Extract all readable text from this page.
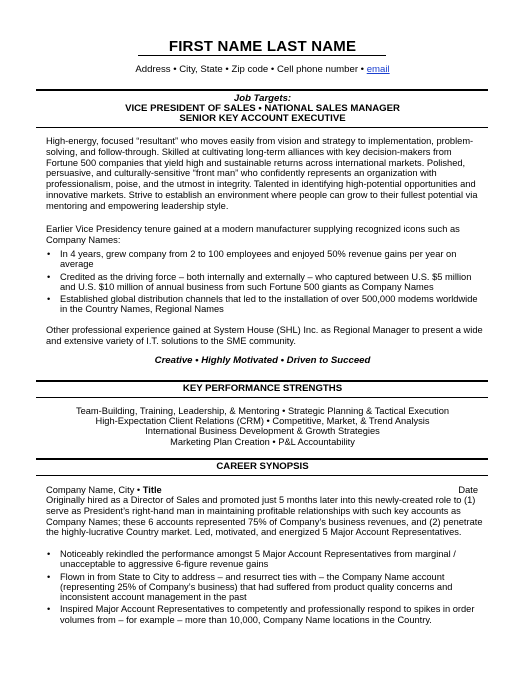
FIRST NAME LAST NAME
Address • City, State • Zip code • Cell phone number • email
Job Targets:
VICE PRESIDENT OF SALES • NATIONAL SALES MANAGER
SENIOR KEY ACCOUNT EXECUTIVE
High-energy, focused “resultant” who moves easily from vision and strategy to implementation, problem-solving, and follow-through. Skilled at cultivating long-term alliances with key decision-makers from Fortune 500 companies that yield high and sustainable returns across international markets. Polished, persuasive, and culturally-sensitive “front man” who confidently represents an organization with professionalism, poise, and the utmost in integrity. Talented in identifying high-potential opportunities and innovative markets. Strive to establish an environment where people can grow to their fullest potential via mentoring and empowering leadership style.
Earlier Vice Presidency tenure gained at a modern manufacturer supplying recognized icons such as Company Names:
• In 4 years, grew company from 2 to 100 employees and enjoyed 50% revenue gains per year on average
• Credited as the driving force – both internally and externally – who captured between U.S. $5 million and U.S. $10 million of annual business from such Fortune 500 giants as Company Names
• Established global distribution channels that led to the installation of over 500,000 modems worldwide in the Country Names, Regional Names
Other professional experience gained at System House (SHL) Inc. as Regional Manager to present a wide and extensive variety of I.T. solutions to the SME community.
Creative • Highly Motivated • Driven to Succeed
KEY PERFORMANCE STRENGTHS
Team-Building, Training, Leadership, & Mentoring • Strategic Planning & Tactical Execution
High-Expectation Client Relations (CRM) • Competitive, Market, & Trend Analysis
International Business Development & Growth Strategies
Marketing Plan Creation • P&L Accountability
CAREER SYNOPSIS
Company Name, City • Title	Date
Originally hired as a Director of Sales and promoted just 5 months later into this newly-created role to (1) serve as President’s right-hand man in maintaining profitable relationships with such key accounts as Company Names; these 6 accounts represented 75% of Company’s business revenues, and (2) penetrate the highly-lucrative Country market. Led, motivated, and energized 5 Major Account Representatives.
• Noticeably rekindled the performance amongst 5 Major Account Representatives from marginal / unacceptable to aggressive 6-figure revenue gains
• Flown in from State to City to address – and resurrect ties with – the Company Name account (representing 25% of Company’s business) that had suffered from product quality concerns and inconsistent account management in the past
• Inspired Major Account Representatives to competently and professionally respond to spikes in order volumes from – for example – more than 10,000, Company Name locations in the Country.
